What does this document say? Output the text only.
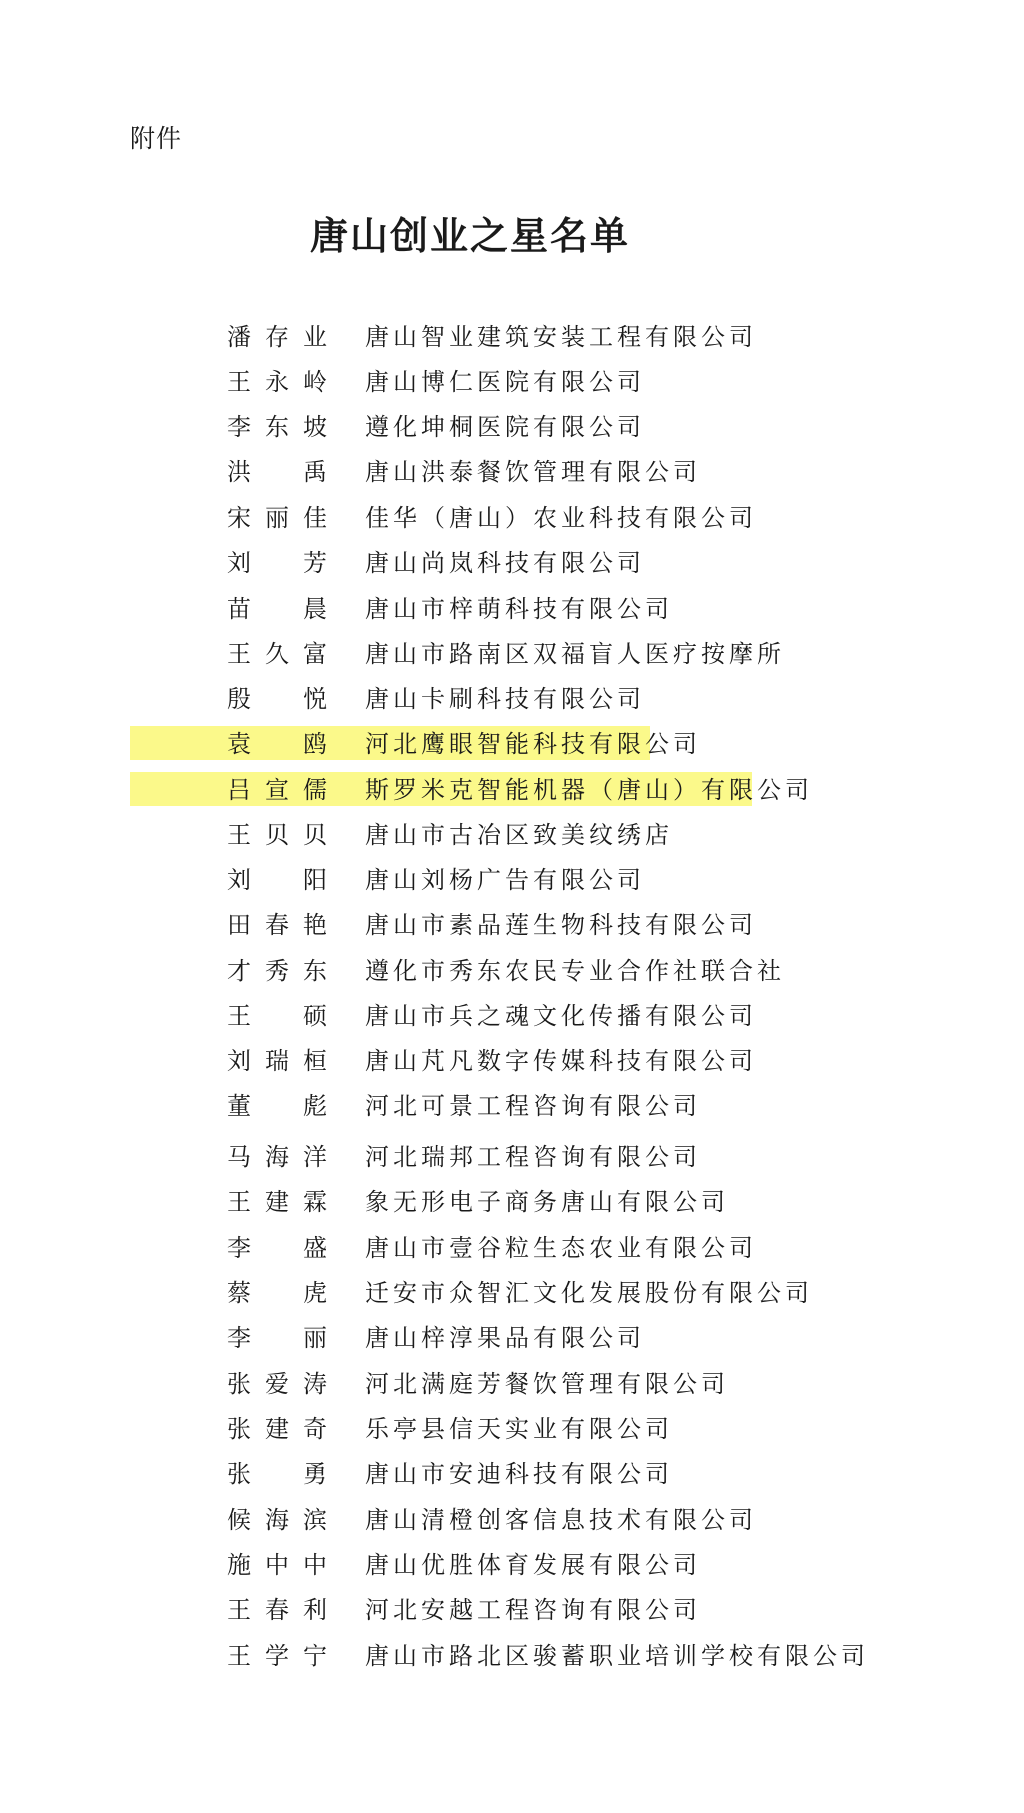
附件
唐山创业之星名单
潘存业 唐山智业建筑安装工程有限公司
王永岭 唐山博仁医院有限公司
李东坡 遵化坤桐医院有限公司
洪禹 唐山洪泰餐饮管理有限公司
宋丽佳 佳华（唐山）农业科技有限公司
刘芳 唐山尚岚科技有限公司
苗晨 唐山市梓萌科技有限公司
王久富 唐山市路南区双福盲人医疗按摩所
殷悦 唐山卡刷科技有限公司
袁鸥 河北鹰眼智能科技有限公司
吕宣儒 斯罗米克智能机器（唐山）有限公司
王贝贝 唐山市古冶区致美纹绣店
刘阳 唐山刘杨广告有限公司
田春艳 唐山市素品莲生物科技有限公司
才秀东 遵化市秀东农民专业合作社联合社
王硕 唐山市兵之魂文化传播有限公司
刘瑞桓 唐山芃凡数字传媒科技有限公司
董彪 河北可景工程咨询有限公司
马海洋 河北瑞邦工程咨询有限公司
王建霖 象无形电子商务唐山有限公司
李盛 唐山市壹谷粒生态农业有限公司
蔡虎 迁安市众智汇文化发展股份有限公司
李丽 唐山梓淳果品有限公司
张爱涛 河北满庭芳餐饮管理有限公司
张建奇 乐亭县信天实业有限公司
张勇 唐山市安迪科技有限公司
候海滨 唐山清橙创客信息技术有限公司
施中中 唐山优胜体育发展有限公司
王春利 河北安越工程咨询有限公司
王学宁 唐山市路北区骏蓄职业培训学校有限公司
